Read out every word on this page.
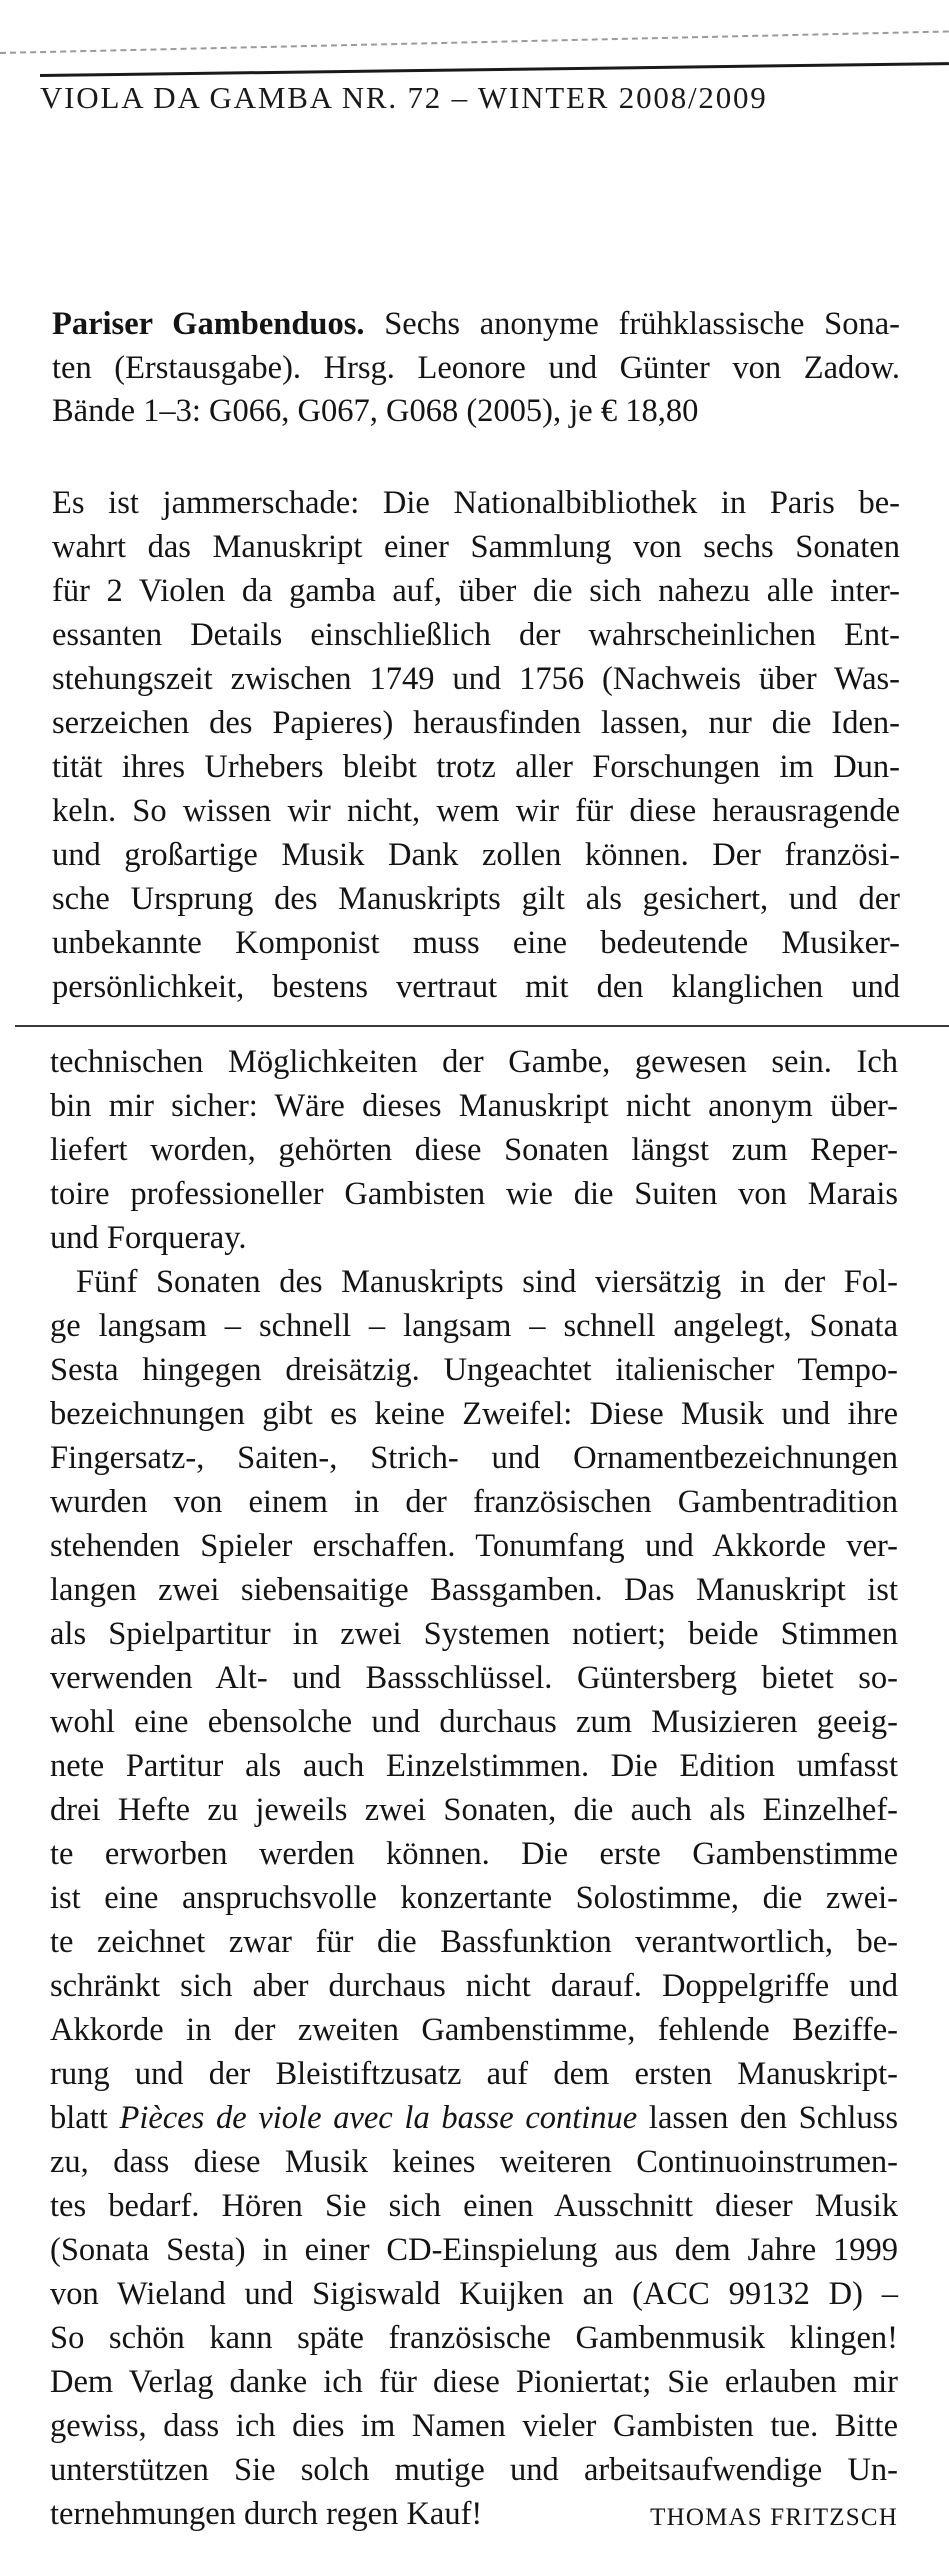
VIOLA DA GAMBA NR. 72 – WINTER 2008/2009
Pariser Gambenduos. Sechs anonyme frühklassische Sona-
ten (Erstausgabe). Hrsg. Leonore und Günter von Zadow.
Bände 1–3: G066, G067, G068 (2005), je € 18,80
Es ist jammerschade: Die Nationalbibliothek in Paris be-
wahrt das Manuskript einer Sammlung von sechs Sonaten
für 2 Violen da gamba auf, über die sich nahezu alle inter-
essanten Details einschließlich der wahrscheinlichen Ent-
stehungszeit zwischen 1749 und 1756 (Nachweis über Was-
serzeichen des Papieres) herausfinden lassen, nur die Iden-
tität ihres Urhebers bleibt trotz aller Forschungen im Dun-
keln. So wissen wir nicht, wem wir für diese herausragende
und großartige Musik Dank zollen können. Der französi-
sche Ursprung des Manuskripts gilt als gesichert, und der
unbekannte Komponist muss eine bedeutende Musiker-
persönlichkeit, bestens vertraut mit den klanglichen und
technischen Möglichkeiten der Gambe, gewesen sein. Ich
bin mir sicher: Wäre dieses Manuskript nicht anonym über-
liefert worden, gehörten diese Sonaten längst zum Reper-
toire professioneller Gambisten wie die Suiten von Marais
und Forqueray.
Fünf Sonaten des Manuskripts sind viersätzig in der Fol-
ge langsam – schnell – langsam – schnell angelegt, Sonata
Sesta hingegen dreisätzig. Ungeachtet italienischer Tempo-
bezeichnungen gibt es keine Zweifel: Diese Musik und ihre
Fingersatz-, Saiten-, Strich- und Ornamentbezeichnungen
wurden von einem in der französischen Gambentradition
stehenden Spieler erschaffen. Tonumfang und Akkorde ver-
langen zwei siebensaitige Bassgamben. Das Manuskript ist
als Spielpartitur in zwei Systemen notiert; beide Stimmen
verwenden Alt- und Bassschlüssel. Güntersberg bietet so-
wohl eine ebensolche und durchaus zum Musizieren geeig-
nete Partitur als auch Einzelstimmen. Die Edition umfasst
drei Hefte zu jeweils zwei Sonaten, die auch als Einzelhef-
te erworben werden können. Die erste Gambenstimme
ist eine anspruchsvolle konzertante Solostimme, die zwei-
te zeichnet zwar für die Bassfunktion verantwortlich, be-
schränkt sich aber durchaus nicht darauf. Doppelgriffe und
Akkorde in der zweiten Gambenstimme, fehlende Beziffe-
rung und der Bleistiftzusatz auf dem ersten Manuskript-
blatt Pièces de viole avec la basse continue lassen den Schluss
zu, dass diese Musik keines weiteren Continuoinstrumen-
tes bedarf. Hören Sie sich einen Ausschnitt dieser Musik
(Sonata Sesta) in einer CD-Einspielung aus dem Jahre 1999
von Wieland und Sigiswald Kuijken an (ACC 99132 D) –
So schön kann späte französische Gambenmusik klingen!
Dem Verlag danke ich für diese Pioniertat; Sie erlauben mir
gewiss, dass ich dies im Namen vieler Gambisten tue. Bitte
unterstützen Sie solch mutige und arbeitsaufwendige Un-
ternehmungen durch regen Kauf!	THOMAS FRITZSCH
